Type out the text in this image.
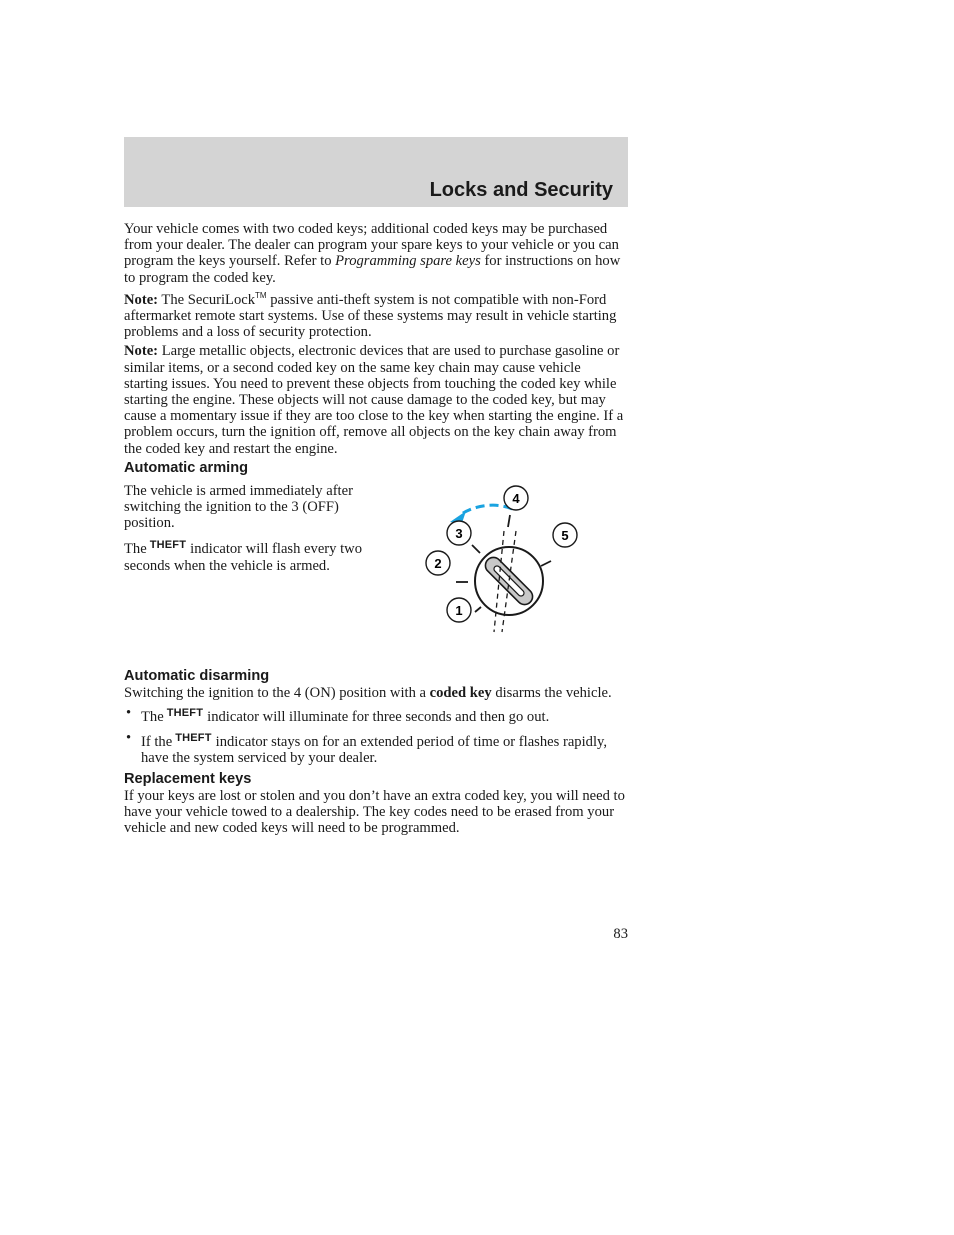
Locks and Security

Your vehicle comes with two coded keys; additional coded keys may be purchased from your dealer. The dealer can program your spare keys to your vehicle or you can program the keys yourself. Refer to Programming spare keys for instructions on how to program the coded key.

Note: The SecuriLock™ passive anti-theft system is not compatible with non-Ford aftermarket remote start systems. Use of these systems may result in vehicle starting problems and a loss of security protection.

Note: Large metallic objects, electronic devices that are used to purchase gasoline or similar items, or a second coded key on the same key chain may cause vehicle starting issues. You need to prevent these objects from touching the coded key while starting the engine. These objects will not cause damage to the coded key, but may cause a momentary issue if they are too close to the key when starting the engine. If a problem occurs, turn the ignition off, remove all objects on the key chain away from the coded key and restart the engine.

Automatic arming

The vehicle is armed immediately after switching the ignition to the 3 (OFF) position.

The $^{THEFT}$ indicator will flash every two seconds when the vehicle is armed.

3
4
5
2
1
Automatic disarming

Switching the ignition to the 4 (ON) position with a coded key disarms the vehicle.

• The $^{THEFT}$ indicator will illuminate for three seconds and then go out.
• If the $^{THEFT}$ indicator stays on for an extended period of time or flashes rapidly, have the system serviced by your dealer.
Replacement keys

If your keys are lost or stolen and you don’t have an extra coded key, you will need to have your vehicle towed to a dealership. The key codes need to be erased from your vehicle and new coded keys will need to be programmed.

83
